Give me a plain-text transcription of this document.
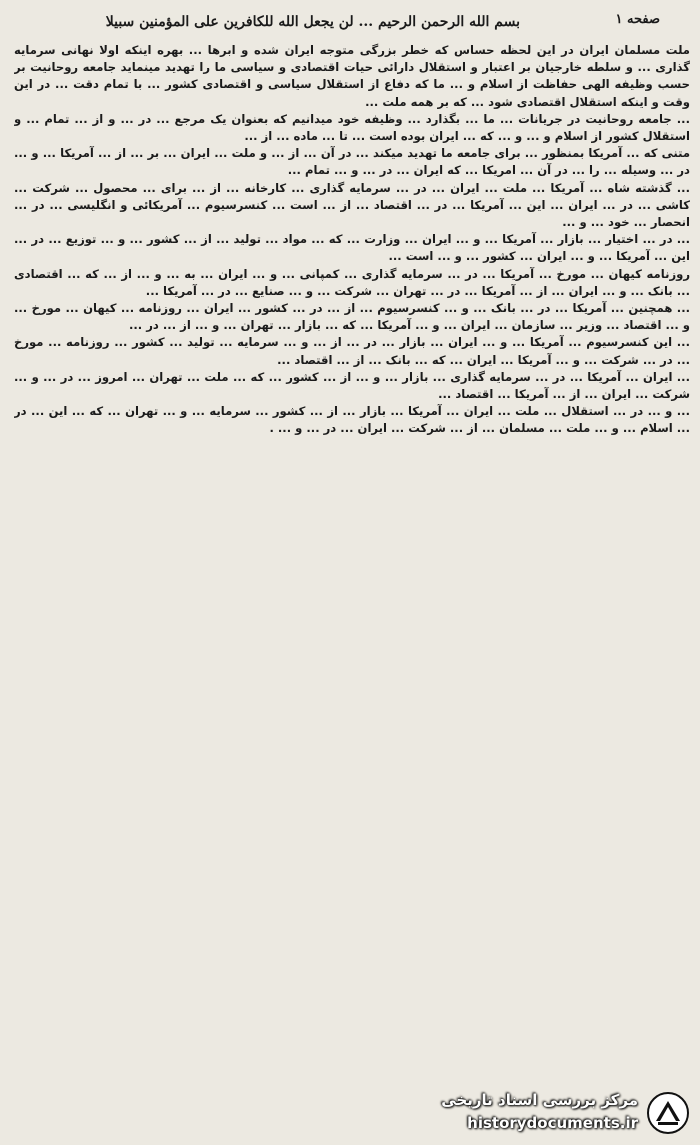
بسم الله الرحمن الرحیم ... لن یجعل الله للکافرین علی المؤمنین سبیلا	صفحه ۱

ملت مسلمان ایران در این لحظه حساس که خطر بزرگی متوجه ایران شده و ابرها ... بهره اینکه اولا نهانی سرمایه گذاری ... و سلطه خارجیان بر اعتبار و استقلال دارائی حیات اقتصادی و سیاسی ما را تهدید مینماید جامعه روحانیت بر حسب وظیفه الهی حفاظت از اسلام و ... ما که دفاع از استقلال سیاسی و اقتصادی کشور ... با تمام دقت ... در این وقت و اینکه استقلال اقتصادی شود ... که بر همه ملت ...

... جامعه روحانیت در جریانات ... ما ... بگذارد ... وظیفه خود میدانیم که بعنوان یک مرجع ... در ... و از ... تمام ... و استقلال کشور از اسلام و ... و ... که ... ایران بوده است ... تا ... ماده ... از ...

متنی که ... آمریکا بمنظور ... برای جامعه ما تهدید میکند ... در آن ... از ... و ملت ... ایران ... بر ... از ... آمریکا ... و ... در ... وسیله ... را ... در آن ... امریکا ... که ایران ... در ... و ... تمام ...

... گذشته شاه ... آمریکا ... ملت ... ایران ... در ... سرمایه گذاری ... کارخانه ... از ... برای ... محصول ... شرکت ... کاشی ... در ... ایران ... این ... آمریکا ... در ... اقتصاد ... از ... است ... کنسرسیوم ... آمریکائی و انگلیسی ... در ... انحصار ... خود ... و ...

... در ... اختیار ... بازار ... آمریکا ... و ... ایران ... وزارت ... که ... مواد ... تولید ... از ... کشور ... و ... توزیع ... در ... این ... آمریکا ... و ... ایران ... کشور ... و ... است ...

روزنامه کیهان ... مورخ ... آمریکا ... در ... سرمایه گذاری ... کمپانی ... و ... ایران ... به ... و ... از ... که ... اقتصادی ... بانک ... و ... ایران ... از ... آمریکا ... در ... تهران ... شرکت ... و ... صنایع ... در ... آمریکا ...

... همچنین ... آمریکا ... در ... بانک ... و ... کنسرسیوم ... از ... در ... کشور ... ایران ... روزنامه ... کیهان ... مورخ ... و ... اقتصاد ... وزیر ... سازمان ... ایران ... و ... آمریکا ... که ... بازار ... تهران ... و ... از ... در ...

... این کنسرسیوم ... آمریکا ... و ... ایران ... بازار ... در ... از ... و ... سرمایه ... تولید ... کشور ... روزنامه ... مورخ ... در ... شرکت ... و ... آمریکا ... ایران ... که ... بانک ... از ... اقتصاد ...

... ایران ... آمریکا ... در ... سرمایه گذاری ... بازار ... و ... از ... کشور ... که ... ملت ... تهران ... امروز ... در ... و ... شرکت ... ایران ... از ... آمریکا ... اقتصاد ...

... و ... در ... استقلال ... ملت ... ایران ... آمریکا ... بازار ... از ... کشور ... سرمایه ... و ... تهران ... که ... این ... در ... اسلام ... و ... ملت ... مسلمان ... از ... شرکت ... ایران ... در ... و ... .

مرکز بررسی اسناد تاریخی
historydocuments.ir
